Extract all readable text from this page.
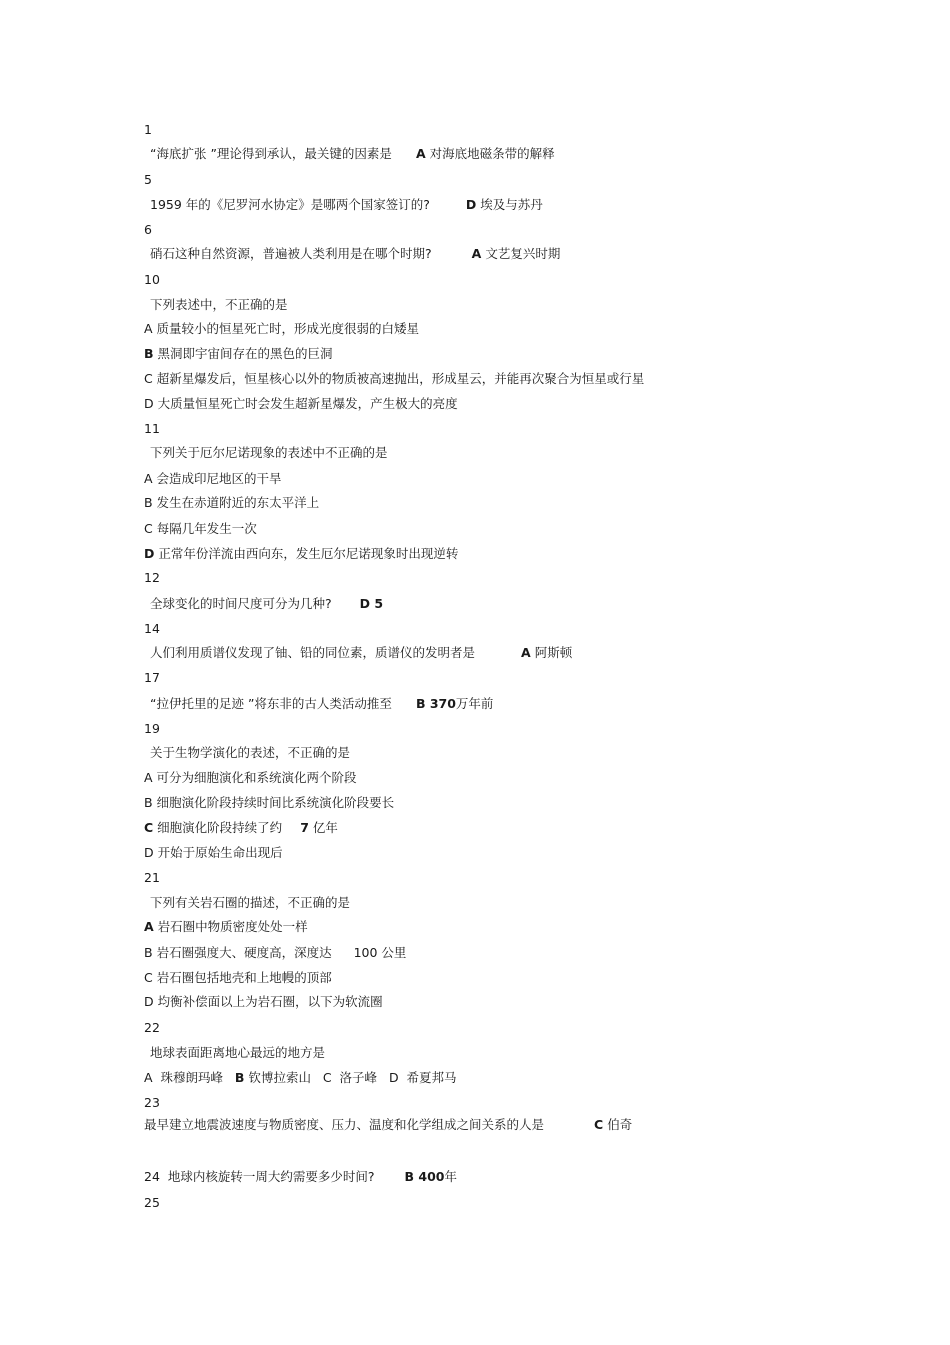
1
“海底扩张 ”理论得到承认，最关键的因素是 A 对海底地磁条带的解释
5
1959 年的《尼罗河水协定》是哪两个国家签订的?	D 埃及与苏丹
6
硝石这种自然资源，普遍被人类利用是在哪个时期?	A 文艺复兴时期
10
下列表述中，不正确的是
A 质量较小的恒星死亡时，形成光度很弱的白矮星
B 黑洞即宇宙间存在的黑色的巨洞
C 超新星爆发后，恒星核心以外的物质被高速抛出，形成星云，并能再次聚合为恒星或行星
D 大质量恒星死亡时会发生超新星爆发，产生极大的亮度
11
下列关于厄尔尼诺现象的表述中不正确的是
A 会造成印尼地区的干旱
B 发生在赤道附近的东太平洋上
C 每隔几年发生一次
D 正常年份洋流由西向东，发生厄尔尼诺现象时出现逆转
12
全球变化的时间尺度可分为几种? D 5
14
人们利用质谱仪发现了铀、铅的同位素，质谱仪的发明者是	A 阿斯顿
17
“拉伊托里的足迹 ”将东非的古人类活动推至 B 370万年前
19
关于生物学演化的表述，不正确的是
A 可分为细胞演化和系统演化两个阶段
B 细胞演化阶段持续时间比系统演化阶段要长
C 细胞演化阶段持续了约 7 亿年
D 开始于原始生命出现后
21
下列有关岩石圈的描述，不正确的是
A 岩石圈中物质密度处处一样
B 岩石圈强度大、硬度高，深度达 100 公里
C 岩石圈包括地壳和上地幔的顶部
D 均衡补偿面以上为岩石圈，以下为软流圈
22
地球表面距离地心最远的地方是
A  珠穆朗玛峰 B 钦博拉索山   C  洛子峰   D  希夏邦马
23
最早建立地震波速度与物质密度、压力、温度和化学组成之间关系的人是	C 伯奇
24  地球内核旋转一周大约需要多少时间? B 400年
25
